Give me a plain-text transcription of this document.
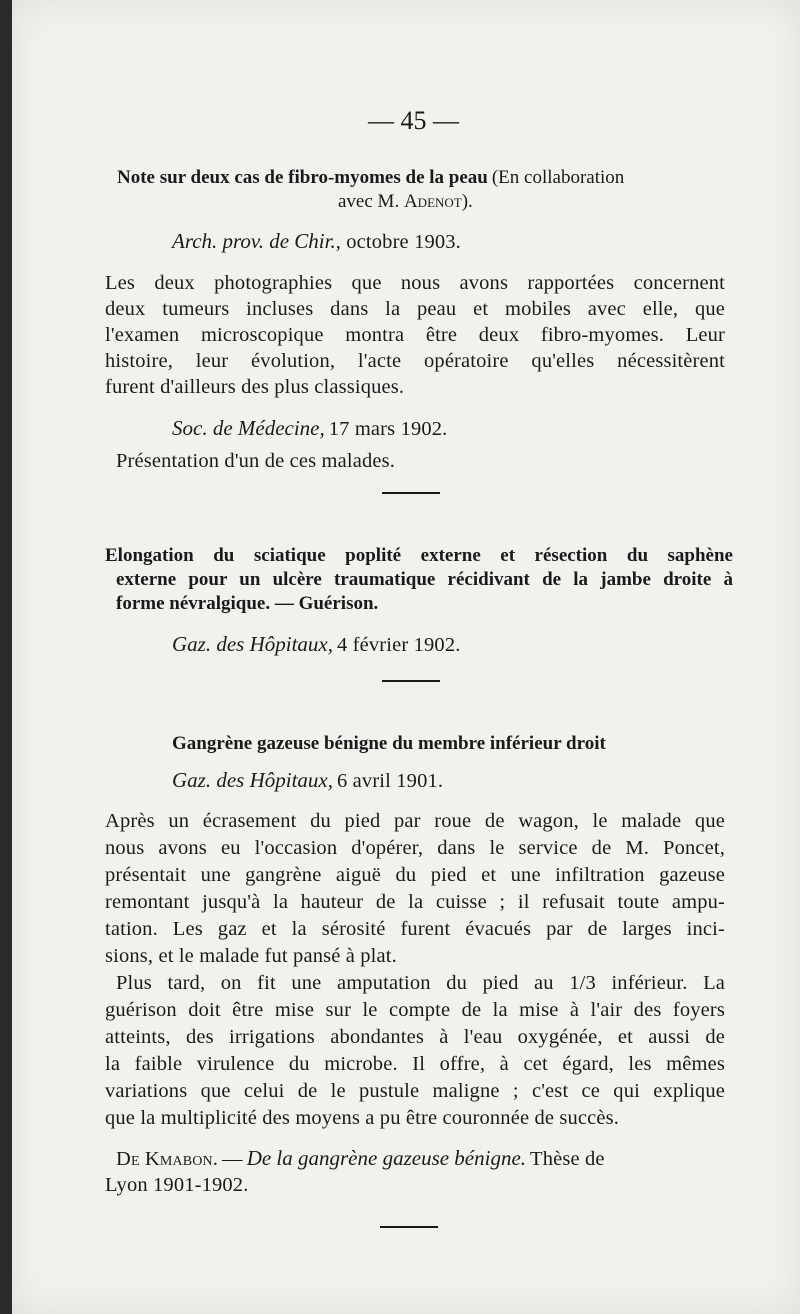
— 45 —
Note sur deux cas de fibro-myomes de la peau (En collaboration
avec M. Adenot).
Arch. prov. de Chir., octobre 1903.
Les deux photographies que nous avons rapportées concernent
deux tumeurs incluses dans la peau et mobiles avec elle, que
l'examen microscopique montra être deux fibro-myomes. Leur
histoire, leur évolution, l'acte opératoire qu'elles nécessitèrent
furent d'ailleurs des plus classiques.
Soc. de Médecine, 17 mars 1902.
Présentation d'un de ces malades.
Elongation du sciatique poplité externe et résection du saphène
externe pour un ulcère traumatique récidivant de la jambe droite à
forme névralgique. — Guérison.
Gaz. des Hôpitaux, 4 février 1902.
Gangrène gazeuse bénigne du membre inférieur droit
Gaz. des Hôpitaux, 6 avril 1901.
Après un écrasement du pied par roue de wagon, le malade que
nous avons eu l'occasion d'opérer, dans le service de M. Poncet,
présentait une gangrène aiguë du pied et une infiltration gazeuse
remontant jusqu'à la hauteur de la cuisse ; il refusait toute ampu-
tation. Les gaz et la sérosité furent évacués par de larges inci-
sions, et le malade fut pansé à plat.
Plus tard, on fit une amputation du pied au 1/3 inférieur. La
guérison doit être mise sur le compte de la mise à l'air des foyers
atteints, des irrigations abondantes à l'eau oxygénée, et aussi de
la faible virulence du microbe. Il offre, à cet égard, les mêmes
variations que celui de le pustule maligne ; c'est ce qui explique
que la multiplicité des moyens a pu être couronnée de succès.
De Kmabon. — De la gangrène gazeuse bénigne. Thèse de
Lyon 1901-1902.
